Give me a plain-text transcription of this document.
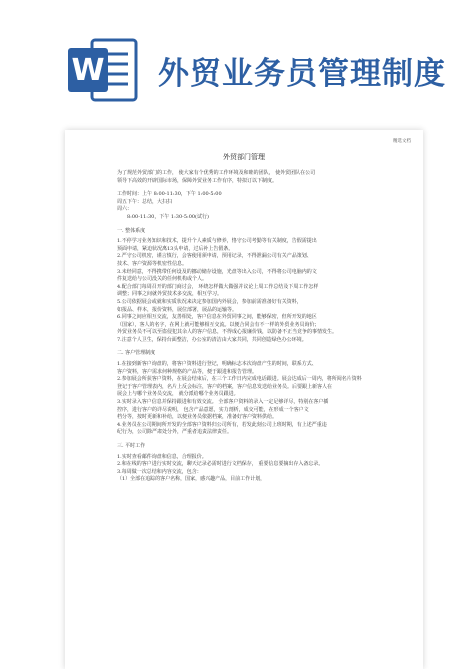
W 外贸业务员管理制度
精选文档
外贸部门管理

为了规范外贸部门的工作， 使大家有个优秀的工作环境及和睦的团队， 使外贸团队在公司

领导下高效的开辟国际市场，保障外贸业务工作有序，特拟订以下制度。

工作时间：上午 8:00-11:30，下午 1:00-5:00

周五下午：总结，大扫扫

周六：

8:00-11:30，下午 1:30-5:00(试行)

一. 整体系度

1.不停学习业务知识和技术，提升个人素质与修养，恪守公司考勤等有关制度，告假需提出

预面申请，紧迫状况离13头申请，过后补上告假条。

2.严守公司机密，谨言慎行，会客使用须申请，预用记录，不得泄漏公司有关产品策划、

技术、客户资源等机密性信息。

3.未经同意，不得携带任何设及的挪动储存设施，光盘等出入公司，不得将公司电脑内的文

件复送给与公司没关的任何机构或个人。

4.配合部门每周召开的部门商讨会， 环绕怎样做大做强并议论上周工作总结及下周工作怎样

调整；同事之间就外贸技术多交流，相互学习。

5.公司依据展会或就和实质状况来决定参加国内外展会，参加前需准备好有关资料，

如报品、样本，报价资料，展位部署，展品的运输等。

6.同事之间应相互交流，友善相处，客户信息在外贸同事之间，能够保密，但所开发的地区

（国家），客人的名字，在网上就可能够相互交流。以便合同会有不一样的外贸业务员询价；

外贸业务员不可以至盗侵犯其余人的客户信息，不得成心报廉价钱，以防备不正当竞争的事情发生。

7.注意个人卫生，保持台面整洁，办公室的清洁由大家共同，共同创造绿色办公环境。

二. 客户管理制度

1.在接到新客户询盘的，将客户资料进行登记，明确标志本次询盘产生的时间，联系方式、

客户资料，客户需求何种规格的产品等，便于跟进和报告管理。

2.参加展会所获客户资料，在展会结束后，在三个工作日内完成电话跟进。展会达成后一周内，将所阅名片资料

登记于客户管理表内，名片上反会标注，客户的档案，客户信息发送给业务员。后要跟上新客人在

展会上与哪个业务员交流， 就分派给哪个业务员跟进。

3.实时录入客户信息并保持跟进和有效交流。 全部客户资料的录入一定足够详尽，特别在客户插

控序，进行客户的详尽说明， 包含产品意愿，实力剖析，成交可能，在形成一个客户文

档分等，按时更新和补给，以便业务员依据档案，准备好客户资料供给。

4.业务员在公司期间所开发的全部客户资料归公司所有，若发此刻公司上班时期，有上述严重违

纪行为，公司除严肃处分外，严重者追责法律责任。

三. 平时工作

1.实时查看邮件询盘和信息，合理报价。

2.和在线的客户进行实时交流，聊天记录必需时进行文档保存， 重要信息要摘出存入备忘录。

3.每周做一次总结和内容交流，包含：

（1）全部在追踪的客户名称，国家，感兴趣产品，目前工作计划，
